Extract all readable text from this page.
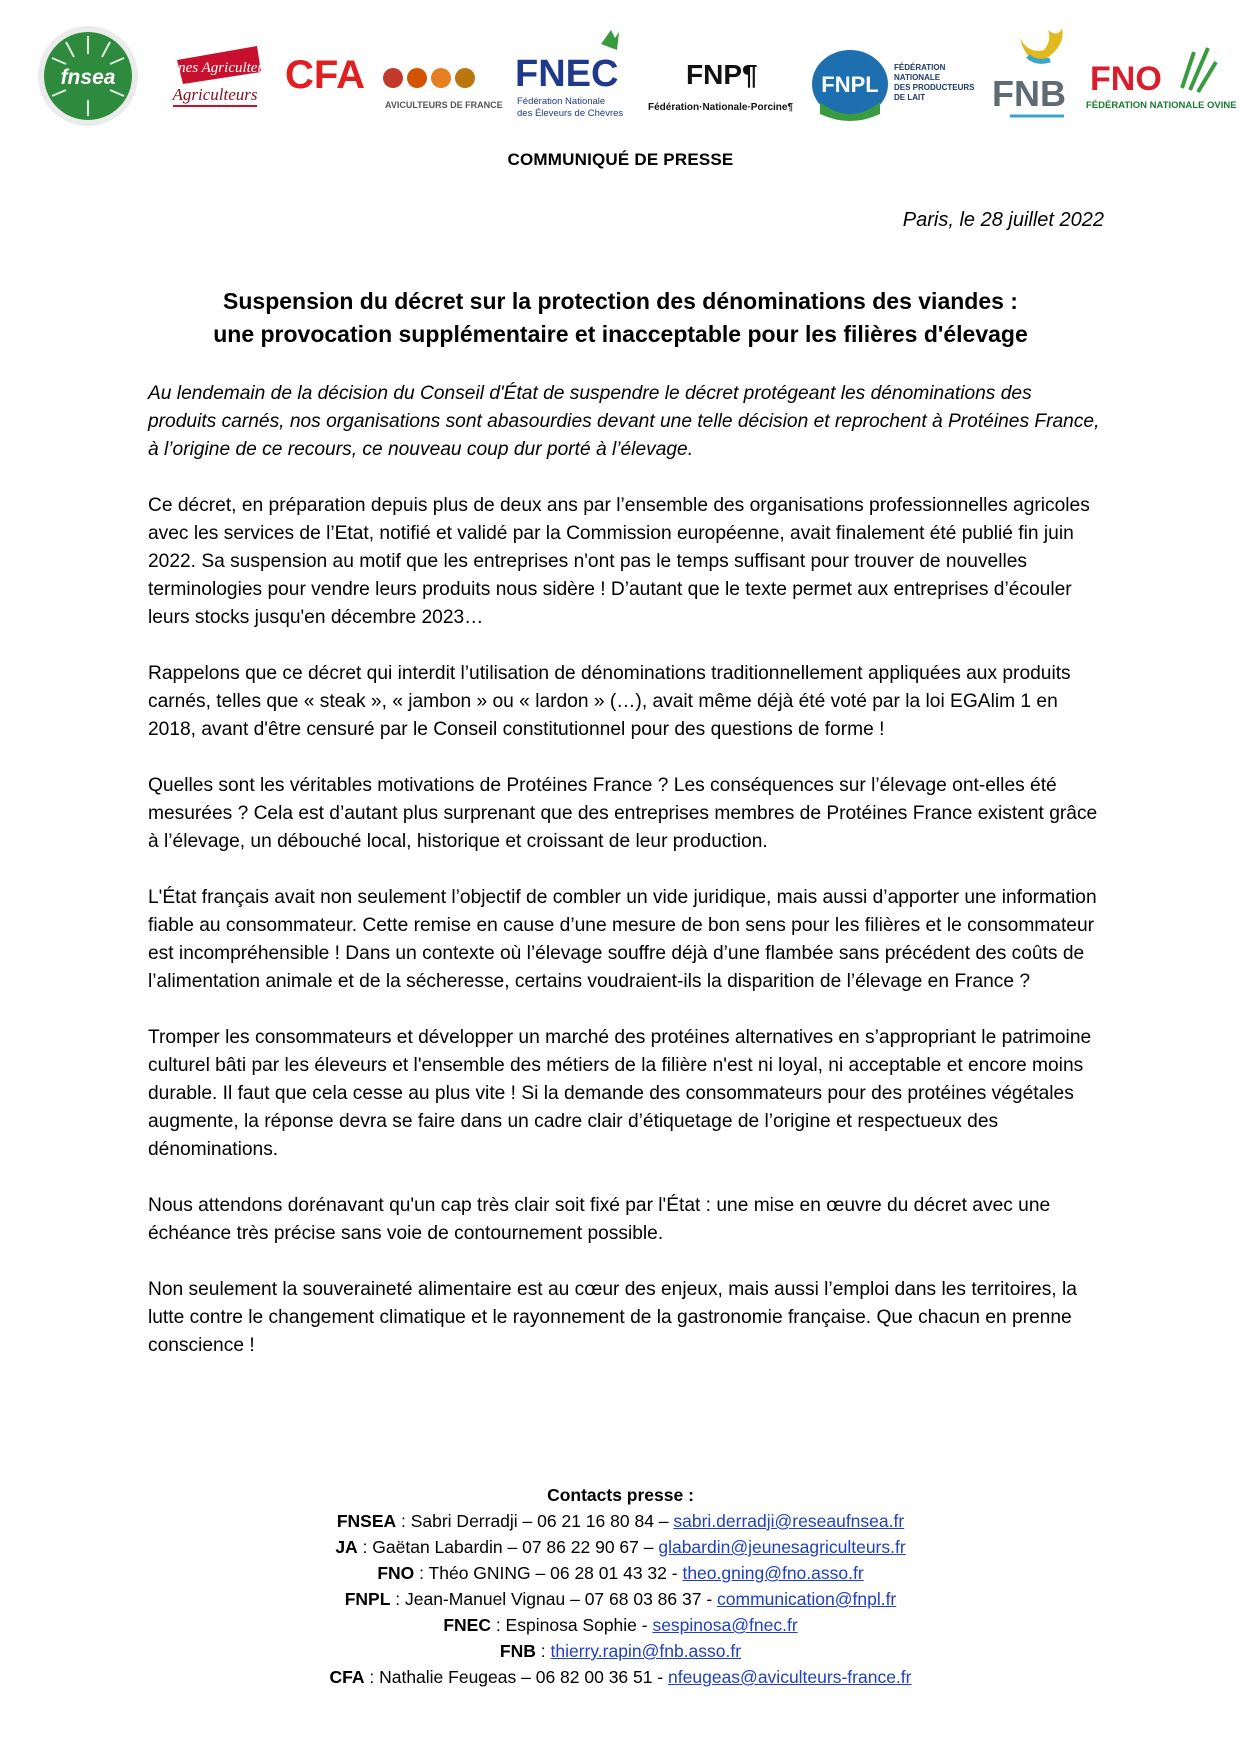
fnsea	Jeunes Agriculteurs
Agriculteurs CFA
AVICULTEURS DE FRANCE
FNEC
Fédération Nationale
des Éleveurs de Chèvres
FNP¶
Fédération·Nationale·Porcine¶
FNPL
FÉDÉRATION
NATIONALE
DES PRODUCTEURS
DE LAIT FNB FNO
FÉDÉRATION NATIONALE OVINE
COMMUNIQUÉ DE PRESSE
Paris, le 28 juillet 2022
Suspension du décret sur la protection des dénominations des viandes :
une provocation supplémentaire et inacceptable pour les filières d'élevage

Au lendemain de la décision du Conseil d'État de suspendre le décret protégeant les dénominations des produits carnés, nos organisations sont abasourdies devant une telle décision et reprochent à Protéines France, à l’origine de ce recours, ce nouveau coup dur porté à l’élevage.

Ce décret, en préparation depuis plus de deux ans par l’ensemble des organisations professionnelles agricoles avec les services de l’Etat, notifié et validé par la Commission européenne, avait finalement été publié fin juin 2022. Sa suspension au motif que les entreprises n'ont pas le temps suffisant pour trouver de nouvelles terminologies pour vendre leurs produits nous sidère ! D’autant que le texte permet aux entreprises d’écouler leurs stocks jusqu'en décembre 2023…

Rappelons que ce décret qui interdit l’utilisation de dénominations traditionnellement appliquées aux produits carnés, telles que « steak », « jambon » ou « lardon » (…), avait même déjà été voté par la loi EGAlim 1 en 2018, avant d'être censuré par le Conseil constitutionnel pour des questions de forme !

Quelles sont les véritables motivations de Protéines France ? Les conséquences sur l’élevage ont-elles été mesurées ? Cela est d’autant plus surprenant que des entreprises membres de Protéines France existent grâce à l’élevage, un débouché local, historique et croissant de leur production.

L'État français avait non seulement l’objectif de combler un vide juridique, mais aussi d’apporter une information fiable au consommateur. Cette remise en cause d’une mesure de bon sens pour les filières et le consommateur est incompréhensible ! Dans un contexte où l’élevage souffre déjà d’une flambée sans précédent des coûts de l’alimentation animale et de la sécheresse, certains voudraient-ils la disparition de l’élevage en France ?

Tromper les consommateurs et développer un marché des protéines alternatives en s’appropriant le patrimoine culturel bâti par les éleveurs et l'ensemble des métiers de la filière n'est ni loyal, ni acceptable et encore moins durable. Il faut que cela cesse au plus vite ! Si la demande des consommateurs pour des protéines végétales augmente, la réponse devra se faire dans un cadre clair d’étiquetage de l’origine et respectueux des dénominations.

Nous attendons dorénavant qu'un cap très clair soit fixé par l'État : une mise en œuvre du décret avec une échéance très précise sans voie de contournement possible.

Non seulement la souveraineté alimentaire est au cœur des enjeux, mais aussi l’emploi dans les territoires, la lutte contre le changement climatique et le rayonnement de la gastronomie française. Que chacun en prenne conscience !

Contacts presse :
FNSEA : Sabri Derradji – 06 21 16 80 84 – sabri.derradji@reseaufnsea.fr
JA : Gaëtan Labardin – 07 86 22 90 67 – glabardin@jeunesagriculteurs.fr
FNO : Théo GNING – 06 28 01 43 32 - theo.gning@fno.asso.fr
FNPL : Jean-Manuel Vignau – 07 68 03 86 37 - communication@fnpl.fr
FNEC : Espinosa Sophie - sespinosa@fnec.fr
FNB : thierry.rapin@fnb.asso.fr
CFA : Nathalie Feugeas – 06 82 00 36 51 - nfeugeas@aviculteurs-france.fr
